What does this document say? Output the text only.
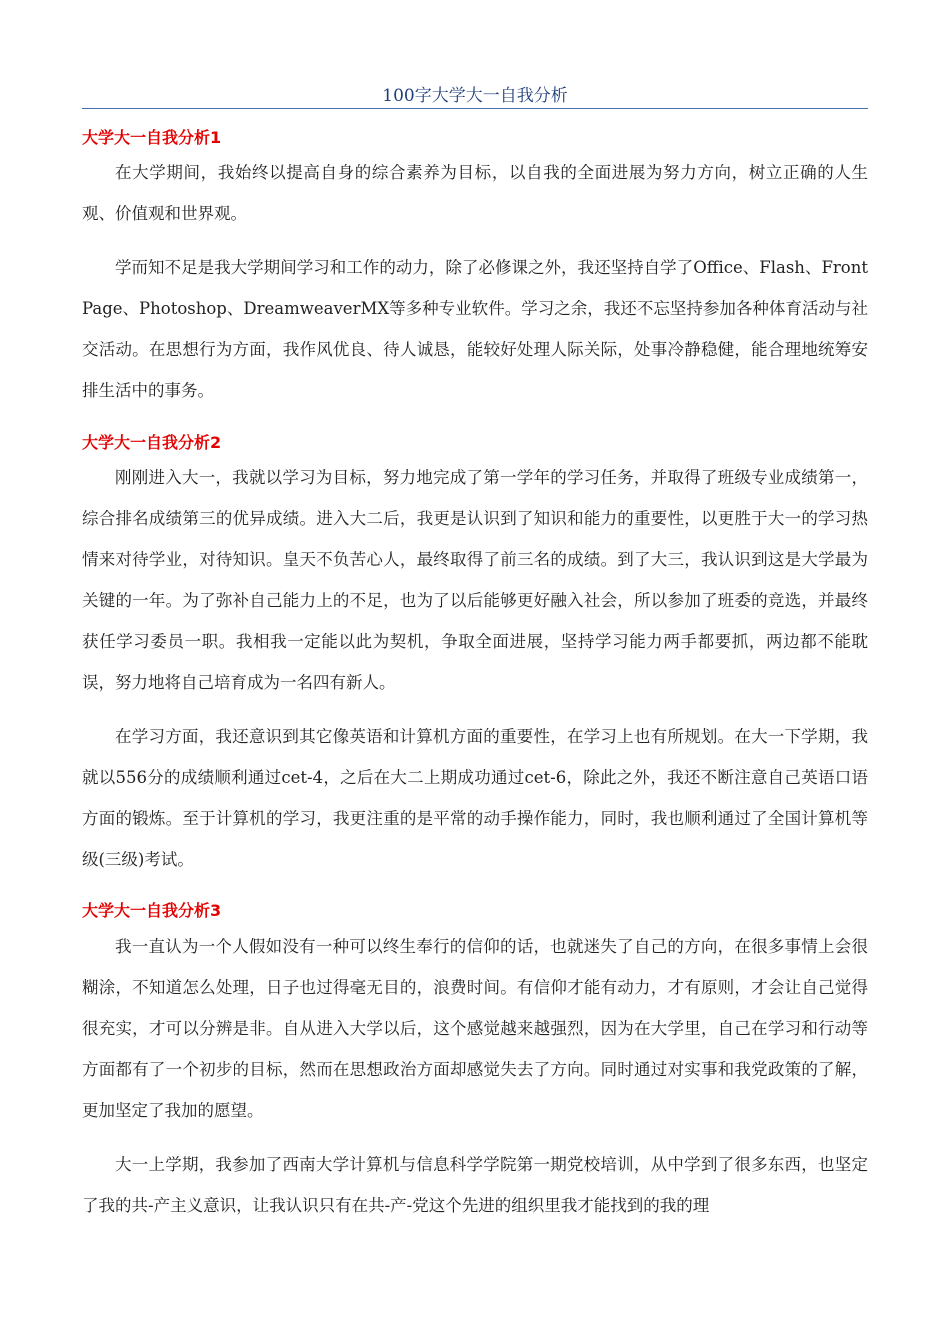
100字大学大一自我分析
大学大一自我分析1

在大学期间，我始终以提高自身的综合素养为目标，以自我的全面进展为努力方向，树立正确的人生观、价值观和世界观。

学而知不足是我大学期间学习和工作的动力，除了必修课之外，我还坚持自学了Office、Flash、FrontPage、Photoshop、DreamweaverMX等多种专业软件。学习之余，我还不忘坚持参加各种体育活动与社交活动。在思想行为方面，我作风优良、待人诚恳，能较好处理人际关际，处事冷静稳健，能合理地统筹安排生活中的事务。

大学大一自我分析2

刚刚进入大一，我就以学习为目标，努力地完成了第一学年的学习任务，并取得了班级专业成绩第一，综合排名成绩第三的优异成绩。进入大二后，我更是认识到了知识和能力的重要性，以更胜于大一的学习热情来对待学业，对待知识。皇天不负苦心人，最终取得了前三名的成绩。到了大三，我认识到这是大学最为关键的一年。为了弥补自己能力上的不足，也为了以后能够更好融入社会，所以参加了班委的竞选，并最终获任学习委员一职。我相我一定能以此为契机，争取全面进展，坚持学习能力两手都要抓，两边都不能耽误，努力地将自己培育成为一名四有新人。

在学习方面，我还意识到其它像英语和计算机方面的重要性，在学习上也有所规划。在大一下学期，我就以556分的成绩顺利通过cet-4，之后在大二上期成功通过cet-6，除此之外，我还不断注意自己英语口语方面的锻炼。至于计算机的学习，我更注重的是平常的动手操作能力，同时，我也顺利通过了全国计算机等级(三级)考试。

大学大一自我分析3

我一直认为一个人假如没有一种可以终生奉行的信仰的话，也就迷失了自己的方向，在很多事情上会很糊涂，不知道怎么处理，日子也过得毫无目的，浪费时间。有信仰才能有动力，才有原则，才会让自己觉得很充实，才可以分辨是非。自从进入大学以后，这个感觉越来越强烈，因为在大学里，自己在学习和行动等方面都有了一个初步的目标，然而在思想政治方面却感觉失去了方向。同时通过对实事和我党政策的了解，更加坚定了我加的愿望。

大一上学期，我参加了西南大学计算机与信息科学学院第一期党校培训，从中学到了很多东西，也坚定了我的共-产主义意识，让我认识只有在共-产-党这个先进的组织里我才能找到的我的理
